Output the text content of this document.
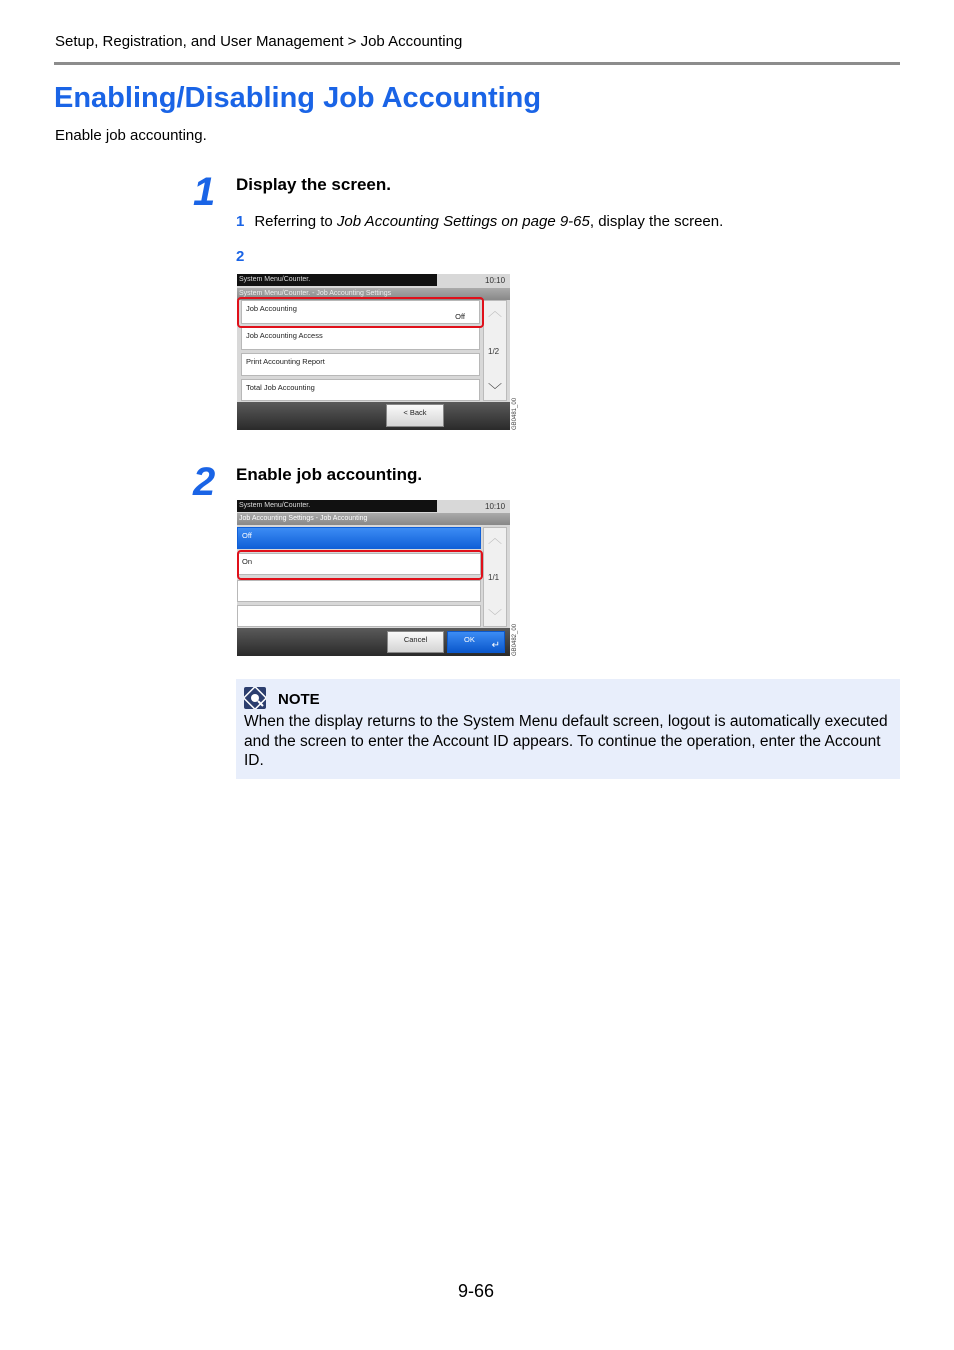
Setup, Registration, and User Management > Job Accounting
Enabling/Disabling Job Accounting
Enable job accounting.
1 Display the screen.
1 Referring to Job Accounting Settings on page 9-65, display the screen.
2
System Menu/Counter.	10:10
System Menu/Counter. - Job Accounting Settings
Job Accounting
Off
Job Accounting Access
Print Accounting Report
Total Job Accounting
︿
﹀
1/2
< Back	GB0481_00
2 Enable job accounting.
System Menu/Counter.	10:10
Job Accounting Settings - Job Accounting
Off
On
︿
﹀
1/1
Cancel	OK
↵ GB0482_00
NOTE
When the display returns to the System Menu default screen, logout is automatically executed and the screen to enter the Account ID appears. To continue the operation, enter the Account ID.
9-66
